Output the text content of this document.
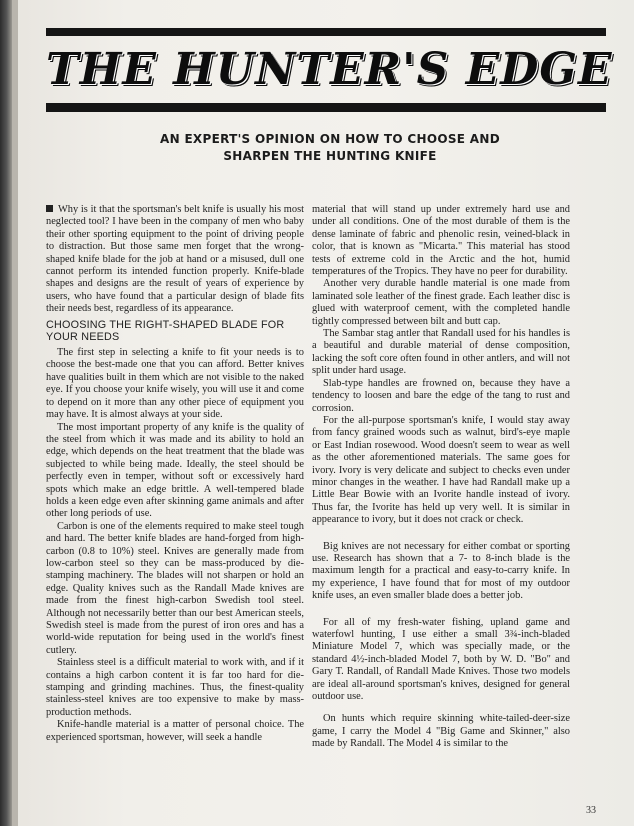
THE HUNTER'S EDGE

AN EXPERT'S OPINION ON HOW TO CHOOSE AND
SHARPEN THE HUNTING KNIFE

Why is it that the sportsman's belt knife is usually his most neglected tool? I have been in the company of men who baby their other sporting equipment to the point of driving people to distraction. But those same men forget that the wrong-shaped knife blade for the job at hand or a misused, dull one cannot perform its intended function properly. Knife-blade shapes and designs are the result of years of experience by users, who have found that a particular design of blade fits their needs best, regardless of its appearance.

CHOOSING THE RIGHT-SHAPED BLADE FOR YOUR NEEDS

The first step in selecting a knife to fit your needs is to choose the best-made one that you can afford. Better knives have qualities built in them which are not visible to the naked eye. If you choose your knife wisely, you will use it and come to depend on it more than any other piece of equipment you may have. It is almost always at your side.

The most important property of any knife is the quality of the steel from which it was made and its ability to hold an edge, which depends on the heat treatment that the blade was subjected to while being made. Ideally, the steel should be perfectly even in temper, without soft or excessively hard spots which make an edge brittle. A well-tempered blade holds a keen edge even after skinning game animals and after other long periods of use.

Carbon is one of the elements required to make steel tough and hard. The better knife blades are hand-forged from high-carbon (0.8 to 10%) steel. Knives are generally made from low-carbon steel so they can be mass-produced by die-stamping machinery. The blades will not sharpen or hold an edge. Quality knives such as the Randall Made knives are made from the finest high-carbon Swedish tool steel. Although not necessarily better than our best American steels, Swedish steel is made from the purest of iron ores and has a world-wide reputation for being used in the world's finest cutlery.

Stainless steel is a difficult material to work with, and if it contains a high carbon content it is far too hard for die-stamping and grinding machines. Thus, the finest-quality stainless-steel knives are too expensive to make by mass-production methods.

Knife-handle material is a matter of personal choice. The experienced sportsman, however, will seek a handle

material that will stand up under extremely hard use and under all conditions. One of the most durable of them is the dense laminate of fabric and phenolic resin, veined-black in color, that is known as "Micarta." This material has stood tests of extreme cold in the Arctic and the hot, humid temperatures of the Tropics. They have no peer for durability.

Another very durable handle material is one made from laminated sole leather of the finest grade. Each leather disc is glued with waterproof cement, with the completed handle tightly compressed between bilt and butt cap.

The Sambar stag antler that Randall used for his handles is a beautiful and durable material of dense composition, lacking the soft core often found in other antlers, and will not split under hard usage.

Slab-type handles are frowned on, because they have a tendency to loosen and bare the edge of the tang to rust and corrosion.

For the all-purpose sportsman's knife, I would stay away from fancy grained woods such as walnut, bird's-eye maple or East Indian rosewood. Wood doesn't seem to wear as well as the other aforementioned materials. The same goes for ivory. Ivory is very delicate and subject to checks even under minor changes in the weather. I have had Randall make up a Little Bear Bowie with an Ivorite handle instead of ivory. Thus far, the Ivorite has held up very well. It is similar in appearance to ivory, but it does not crack or check.

Big knives are not necessary for either combat or sporting use. Research has shown that a 7- to 8-inch blade is the maximum length for a practical and easy-to-carry knife. In my experience, I have found that for most of my outdoor knife uses, an even smaller blade does a better job.

For all of my fresh-water fishing, upland game and waterfowl hunting, I use either a small 3¾-inch-bladed Miniature Model 7, which was specially made, or the standard 4½-inch-bladed Model 7, both by W. D. "Bo" and Gary T. Randall, of Randall Made Knives. Those two models are ideal all-around sportsman's knives, designed for general outdoor use.

On hunts which require skinning white-tailed-deer-size game, I carry the Model 4 "Big Game and Skinner," also made by Randall. The Model 4 is similar to the

33
